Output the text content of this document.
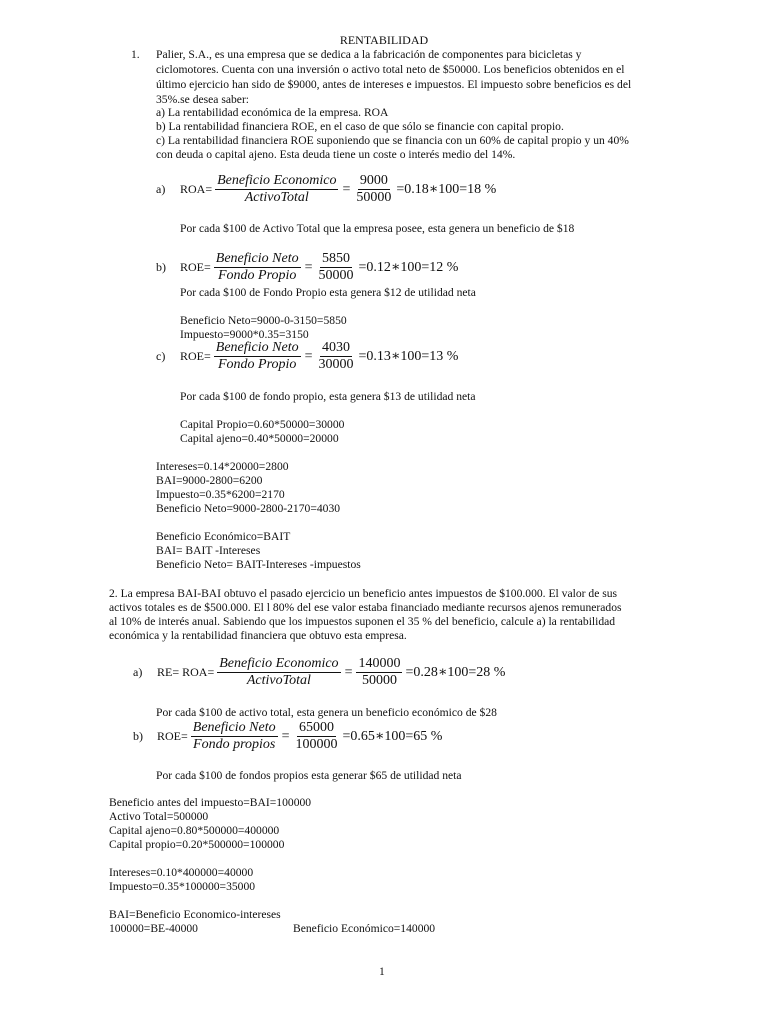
RENTABILIDAD
1. Palier, S.A., es una empresa que se dedica a la fabricación de componentes para bicicletas y
ciclomotores. Cuenta con una inversión o activo total neto de $50000. Los beneficios obtenidos en el
último ejercicio han sido de $9000, antes de intereses e impuestos. El impuesto sobre beneficios es del
35%.se desea saber:
a) La rentabilidad económica de la empresa. ROA
b) La rentabilidad financiera ROE, en el caso de que sólo se financie con capital propio.
c) La rentabilidad financiera ROE suponiendo que se financia con un 60% de capital propio y un 40%
con deuda o capital ajeno. Esta deuda tiene un coste o interés medio del 14%.
a)	$ROA= \frac{\text{Beneficio Economico}}{\text{ActivoTotal}} = \frac{9000}{50000}$ =0.18∗100=18 %
Por cada $100 de Activo Total que la empresa posee, esta genera un beneficio de $18
b)	$ROE= \frac{\text{Beneficio Neto}}{\text{Fondo Propio}} = \frac{5850}{50000}$ =0.12∗100=12 %
Por cada $100 de Fondo Propio esta genera $12 de utilidad neta
Beneficio Neto=9000-0-3150=5850
Impuesto=9000*0.35=3150
c)	$ROE= \frac{\text{Beneficio Neto}}{\text{Fondo Propio}} = \frac{4030}{30000}$ =0.13∗100=13 %
Por cada $100 de fondo propio, esta genera $13 de utilidad neta
Capital Propio=0.60*50000=30000
Capital ajeno=0.40*50000=20000
Intereses=0.14*20000=2800
BAI=9000-2800=6200
Impuesto=0.35*6200=2170
Beneficio Neto=9000-2800-2170=4030
Beneficio Económico=BAIT
BAI= BAIT -Intereses
Beneficio Neto= BAIT-Intereses -impuestos
2. La empresa BAI-BAI obtuvo el pasado ejercicio un beneficio antes impuestos de $100.000. El valor de sus
activos totales es de $500.000. El l 80% del ese valor estaba financiado mediante recursos ajenos remunerados
al 10% de interés anual. Sabiendo que los impuestos suponen el 35 % del beneficio, calcule a) la rentabilidad
económica y la rentabilidad financiera que obtuvo esta empresa.
a)	$RE= ROA= \frac{\text{Beneficio Economico}}{\text{ActivoTotal}} = \frac{140000}{50000}$ =0.28∗100=28 %
Por cada $100 de activo total, esta genera un beneficio económico de $28
b)	$ROE= \frac{\text{Beneficio Neto}}{\text{Fondo propios}} = \frac{65000}{100000}$ =0.65∗100=65 %
Por cada $100 de fondos propios esta generar $65 de utilidad neta
Beneficio antes del impuesto=BAI=100000
Activo Total=500000
Capital ajeno=0.80*500000=400000
Capital propio=0.20*500000=100000
Intereses=0.10*400000=40000
Impuesto=0.35*100000=35000
BAI=Beneficio Economico-intereses
100000=BE-40000	Beneficio Económico=140000
1
